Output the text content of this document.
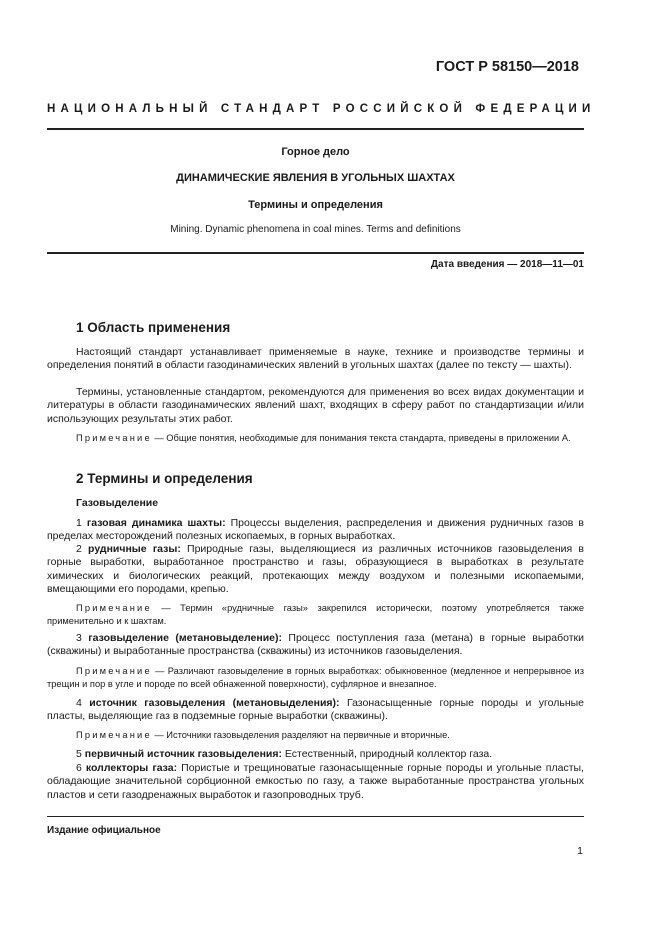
ГОСТ Р 58150—2018
НАЦИОНАЛЬНЫЙ СТАНДАРТ РОССИЙСКОЙ ФЕДЕРАЦИИ
Горное дело
ДИНАМИЧЕСКИЕ ЯВЛЕНИЯ В УГОЛЬНЫХ ШАХТАХ
Термины и определения
Mining. Dynamic phenomena in coal mines. Terms and definitions
Дата введения — 2018—11—01
1 Область применения

Настоящий стандарт устанавливает применяемые в науке, технике и производстве термины и определения понятий в области газодинамических явлений в угольных шахтах (далее по тексту — шахты).

Термины, установленные стандартом, рекомендуются для применения во всех видах документации и литературы в области газодинамических явлений шахт, входящих в сферу работ по стандартизации и/или использующих результаты этих работ.

Примечание — Общие понятия, необходимые для понимания текста стандарта, приведены в приложении А.

2 Термины и определения
Газовыделение

1 газовая динамика шахты: Процессы выделения, распределения и движения рудничных газов в пределах месторождений полезных ископаемых, в горных выработках.

2 рудничные газы: Природные газы, выделяющиеся из различных источников газовыделения в горные выработки, выработанное пространство и газы, образующиеся в выработках в результате химических и биологических реакций, протекающих между воздухом и полезными ископаемыми, вмещающими его породами, крепью.

Примечание — Термин «рудничные газы» закрепился исторически, поэтому употребляется также применительно и к шахтам.

3 газовыделение (метановыделение): Процесс поступления газа (метана) в горные выработки (скважины) и выработанные пространства (скважины) из источников газовыделения.

Примечание — Различают газовыделение в горных выработках: обыкновенное (медленное и непрерывное из трещин и пор в угле и породе по всей обнаженной поверхности), суфлярное и внезапное.

4 источник газовыделения (метановыделения): Газонасыщенные горные породы и угольные пласты, выделяющие газ в подземные горные выработки (скважины).

Примечание — Источники газовыделения разделяют на первичные и вторичные.

5 первичный источник газовыделения: Естественный, природный коллектор газа.

6 коллекторы газа: Пористые и трещиноватые газонасыщенные горные породы и угольные пласты, обладающие значительной сорбционной емкостью по газу, а также выработанные пространства угольных пластов и сети газодренажных выработок и газопроводных труб.

Издание официальное
1
